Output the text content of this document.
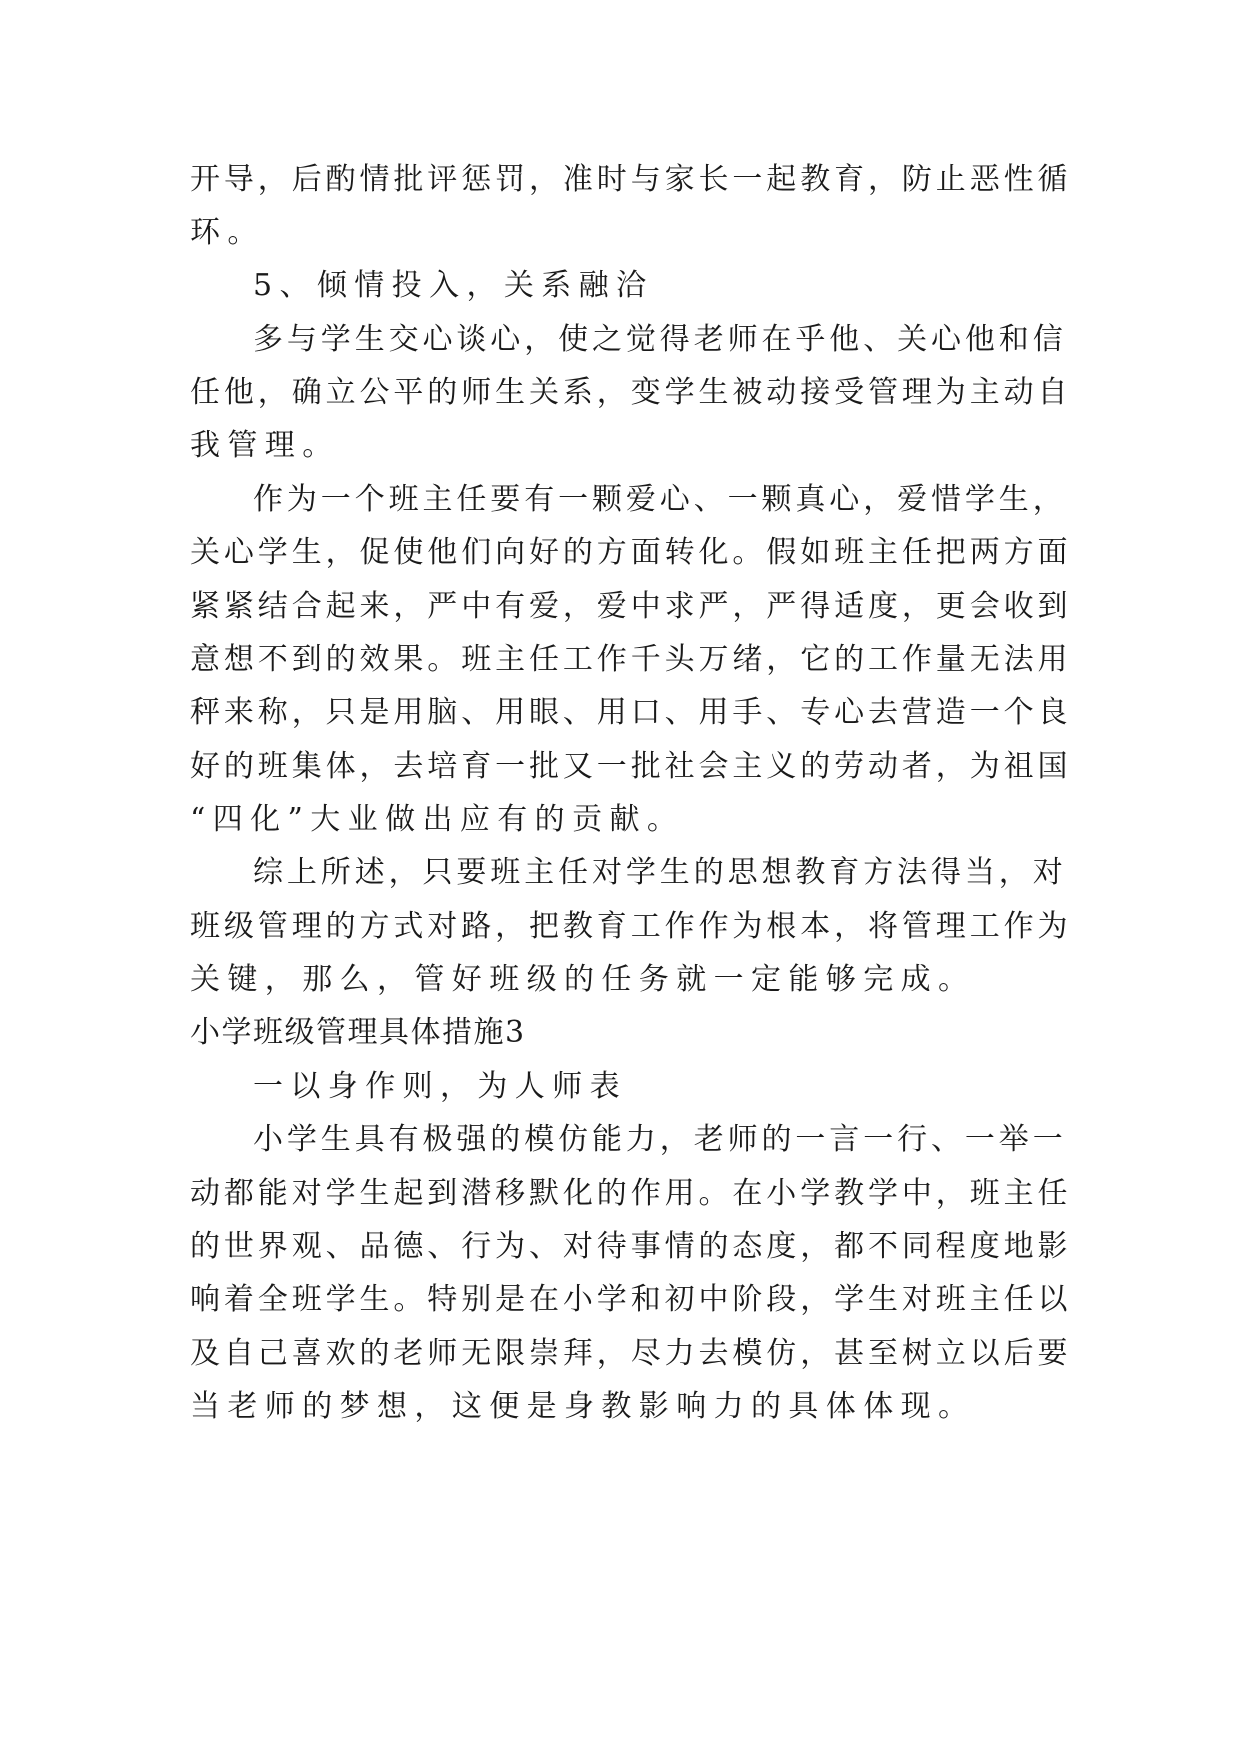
开导，后酌情批评惩罚，准时与家长一起教育，防止恶性循

环。

5、倾情投入，关系融洽

多与学生交心谈心，使之觉得老师在乎他、关心他和信

任他，确立公平的师生关系，变学生被动接受管理为主动自

我管理。

作为一个班主任要有一颗爱心、一颗真心，爱惜学生，

关心学生，促使他们向好的方面转化。假如班主任把两方面

紧紧结合起来，严中有爱，爱中求严，严得适度，更会收到

意想不到的效果。班主任工作千头万绪，它的工作量无法用

秤来称，只是用脑、用眼、用口、用手、专心去营造一个良

好的班集体，去培育一批又一批社会主义的劳动者，为祖国

“四化”大业做出应有的贡献。

综上所述，只要班主任对学生的思想教育方法得当，对

班级管理的方式对路，把教育工作作为根本，将管理工作为

关键，那么，管好班级的任务就一定能够完成。

小学班级管理具体措施3

一以身作则，为人师表

小学生具有极强的模仿能力，老师的一言一行、一举一

动都能对学生起到潜移默化的作用。在小学教学中，班主任

的世界观、品德、行为、对待事情的态度，都不同程度地影

响着全班学生。特别是在小学和初中阶段，学生对班主任以

及自己喜欢的老师无限崇拜，尽力去模仿，甚至树立以后要

当老师的梦想，这便是身教影响力的具体体现。
